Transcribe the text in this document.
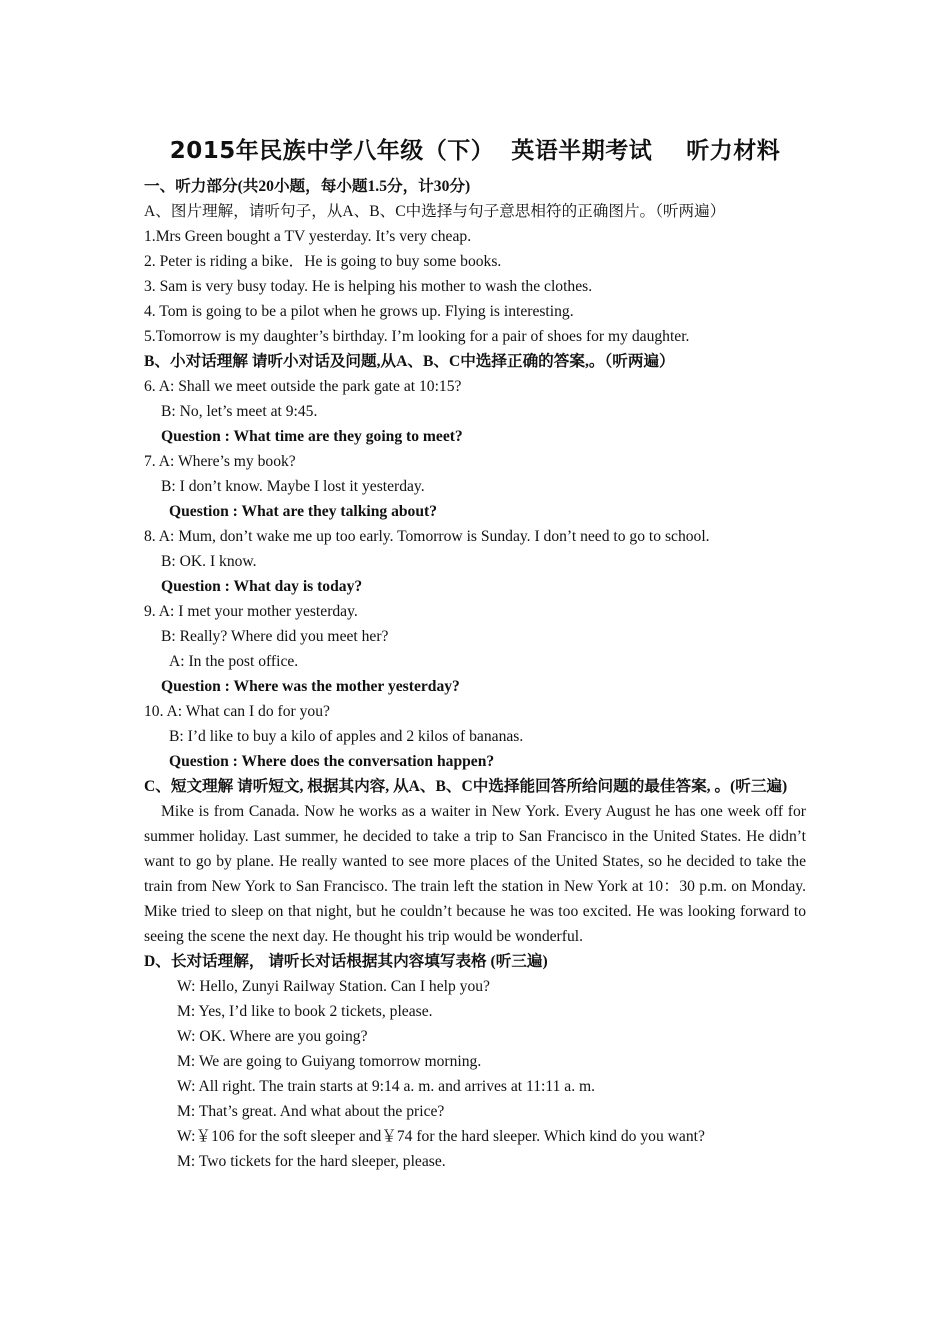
2015年民族中学八年级（下）  英语半期考试    听力材料
一、听力部分(共20小题，每小题1.5分，计30分)
A、图片理解，请听句子，从A、B、C中选择与句子意思相符的正确图片。（听两遍）
1.Mrs Green bought a TV yesterday. It’s very cheap.
2. Peter is riding a bike．He is going to buy some books.
3. Sam is very busy today. He is helping his mother to wash the clothes.
4. Tom is going to be a pilot when he grows up. Flying is interesting.
5.Tomorrow is my daughter’s birthday. I’m looking for a pair of shoes for my daughter.
B、小对话理解 请听小对话及问题,从A、B、C中选择正确的答案,。（听两遍）
6. A: Shall we meet outside the park gate at 10:15?
B: No, let’s meet at 9:45.
Question : What time are they going to meet?
7. A: Where’s my book?
B: I don’t know. Maybe I lost it yesterday.
Question : What are they talking about?
8. A: Mum, don’t wake me up too early. Tomorrow is Sunday. I don’t need to go to school.
B: OK. I know.
Question : What day is today?
9. A: I met your mother yesterday.
B: Really? Where did you meet her?
A: In the post office.
Question : Where was the mother yesterday?
10. A: What can I do for you?
B: I’d like to buy a kilo of apples and 2 kilos of bananas.
Question : Where does the conversation happen?
C、短文理解 请听短文, 根据其内容, 从A、B、C中选择能回答所给问题的最佳答案, 。(听三遍)
Mike is from Canada. Now he works as a waiter in New York. Every August he has one week off for summer holiday. Last summer, he decided to take a trip to San Francisco in the United States. He didn’t want to go by plane. He really wanted to see more places of the United States, so he decided to take the train from New York to San Francisco. The train left the station in New York at 10：30 p.m. on Monday. Mike tried to sleep on that night, but he couldn’t because he was too excited. He was looking forward to seeing the scene the next day. He thought his trip would be wonderful.
D、长对话理解， 请听长对话根据其内容填写表格 (听三遍)
W: Hello, Zunyi Railway Station. Can I help you?
M: Yes, I’d like to book 2 tickets, please.
W: OK. Where are you going?
M: We are going to Guiyang tomorrow morning.
W: All right. The train starts at 9:14 a. m. and arrives at 11:11 a. m.
M: That’s great. And what about the price?
W:￥106 for the soft sleeper and￥74 for the hard sleeper. Which kind do you want?
M: Two tickets for the hard sleeper, please.
